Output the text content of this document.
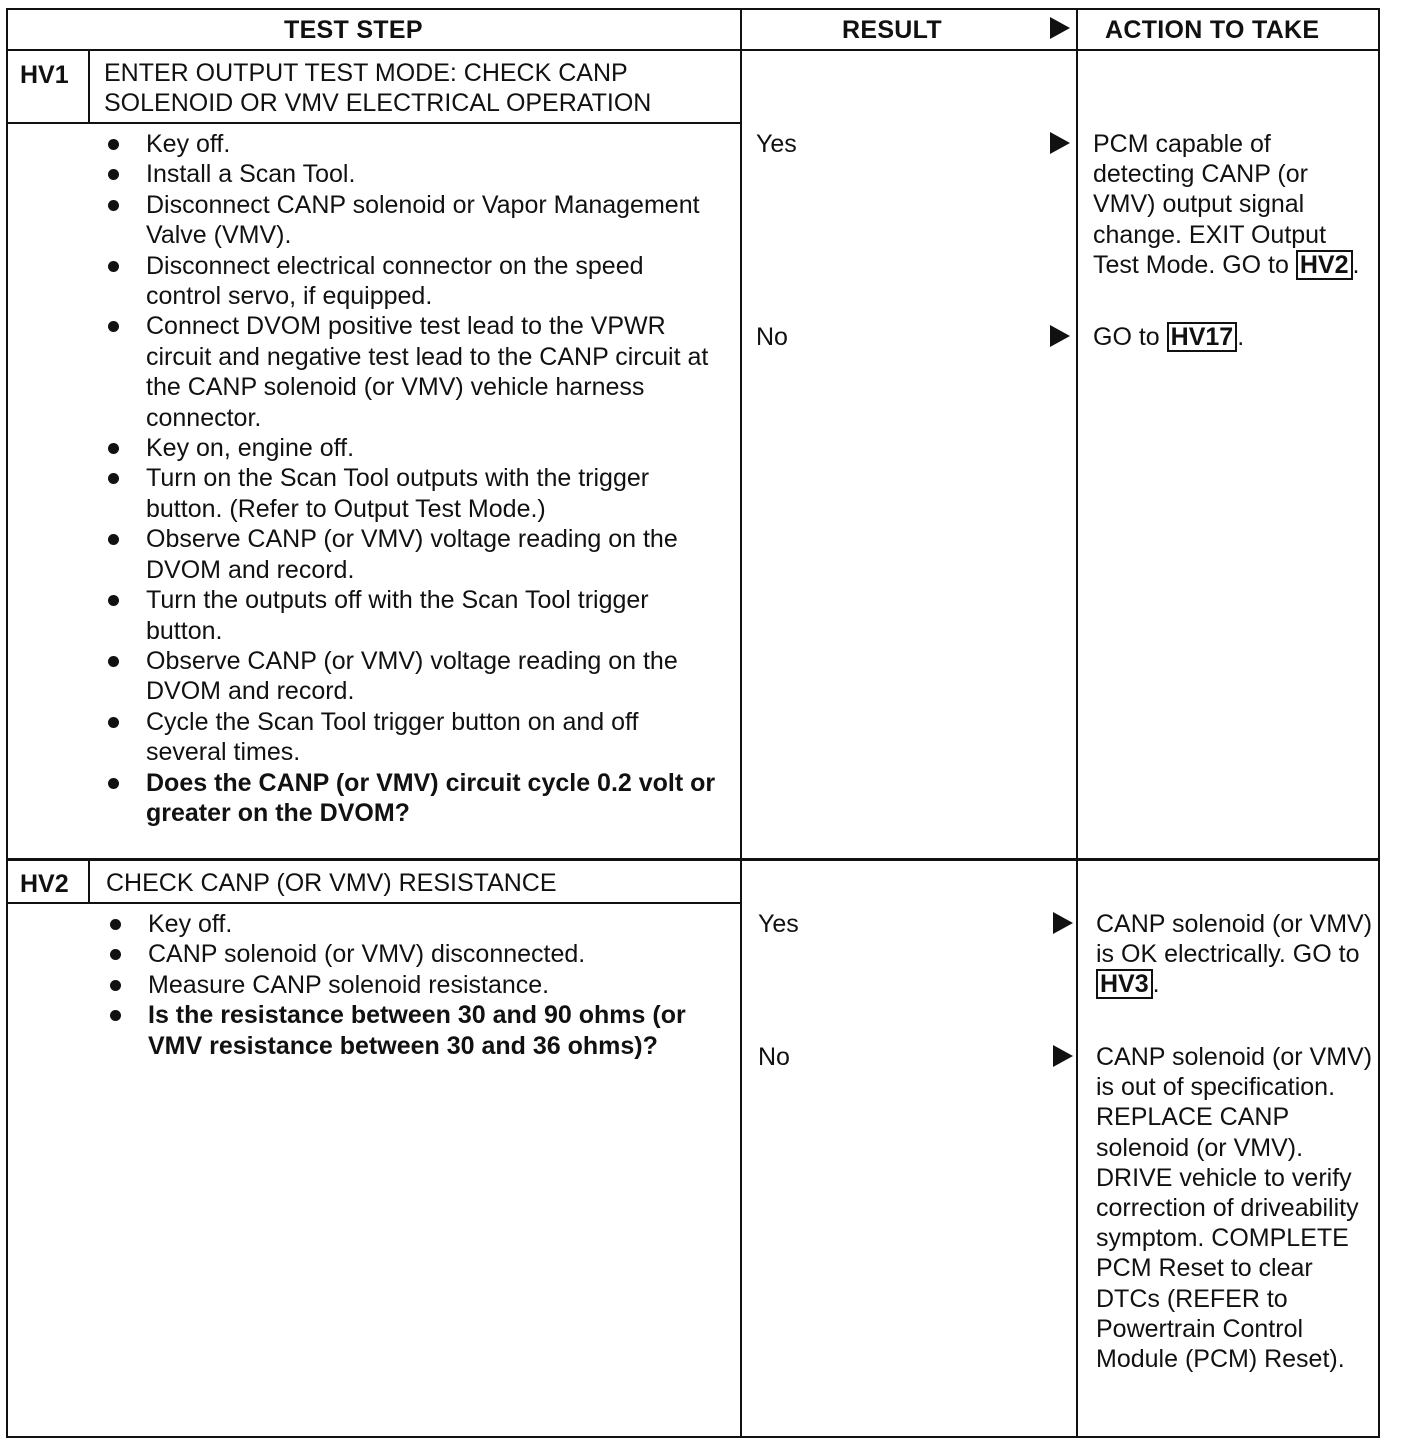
TEST STEP	RESULT	ACTION TO TAKE
HV1 ENTER OUTPUT TEST MODE: CHECK CANP
SOLENOID OR VMV ELECTRICAL OPERATION
Key off.
Install a Scan Tool.
Disconnect CANP solenoid or Vapor Management Valve (VMV).
Disconnect electrical connector on the speed control servo, if equipped.
Connect DVOM positive test lead to the VPWR circuit and negative test lead to the CANP circuit at the CANP solenoid (or VMV) vehicle harness connector.
Key on, engine off.
Turn on the Scan Tool outputs with the trigger button. (Refer to Output Test Mode.)
Observe CANP (or VMV) voltage reading on the DVOM and record.
Turn the outputs off with the Scan Tool trigger button.
Observe CANP (or VMV) voltage reading on the DVOM and record.
Cycle the Scan Tool trigger button on and off several times.
Does the CANP (or VMV) circuit cycle 0.2 volt or greater on the DVOM?
Yes	PCM capable of detecting CANP (or VMV) output signal change. EXIT Output Test Mode. GO to HV2 .
No	GO to HV17 .
HV2 CHECK CANP (OR VMV) RESISTANCE
Key off.
CANP solenoid (or VMV) disconnected.
Measure CANP solenoid resistance.
Is the resistance between 30 and 90 ohms (or VMV resistance between 30 and 36 ohms)?
Yes	CANP solenoid (or VMV) is OK electrically. GO to HV3 .
No	CANP solenoid (or VMV) is out of specification. REPLACE CANP solenoid (or VMV). DRIVE vehicle to verify correction of driveability symptom. COMPLETE PCM Reset to clear DTCs (REFER to Powertrain Control Module (PCM) Reset).
